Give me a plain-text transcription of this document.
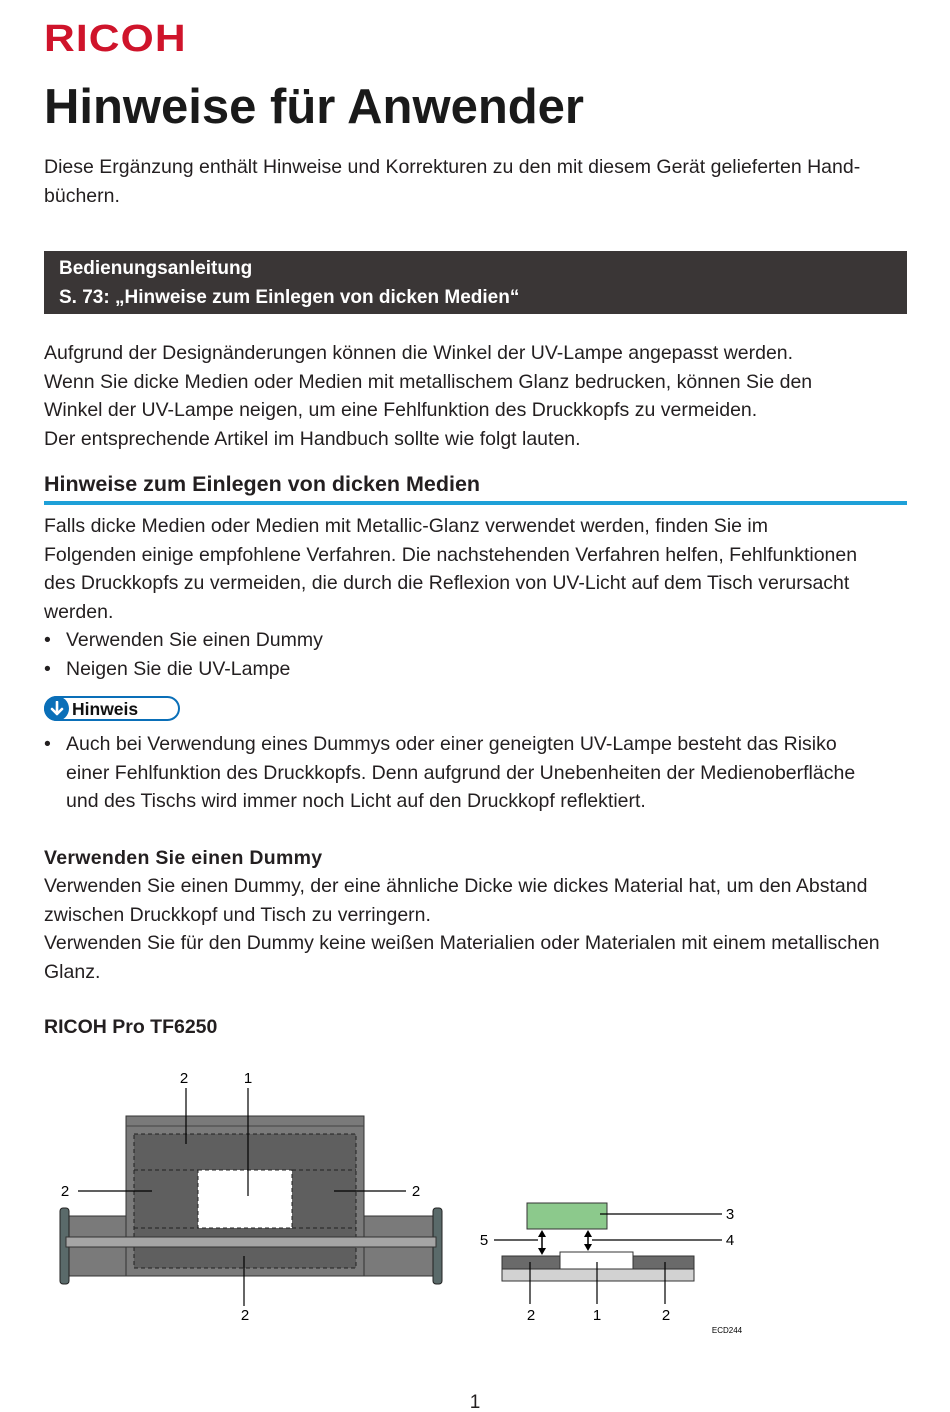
RICOH
Hinweise für Anwender
Diese Ergänzung enthält Hinweise und Korrekturen zu den mit diesem Gerät gelieferten Hand-
büchern.
Bedienungsanleitung
S. 73: „Hinweise zum Einlegen von dicken Medien“
Aufgrund der Designänderungen können die Winkel der UV-Lampe angepasst werden.
Wenn Sie dicke Medien oder Medien mit metallischem Glanz bedrucken, können Sie den
Winkel der UV-Lampe neigen, um eine Fehlfunktion des Druckkopfs zu vermeiden.
Der entsprechende Artikel im Handbuch sollte wie folgt lauten.
Hinweise zum Einlegen von dicken Medien
Falls dicke Medien oder Medien mit Metallic-Glanz verwendet werden, finden Sie im
Folgenden einige empfohlene Verfahren. Die nachstehenden Verfahren helfen, Fehlfunktionen
des Druckkopfs zu vermeiden, die durch die Reflexion von UV-Licht auf dem Tisch verursacht
werden.
• Verwenden Sie einen Dummy
• Neigen Sie die UV-Lampe
Hinweis
• Auch bei Verwendung eines Dummys oder einer geneigten UV-Lampe besteht das Risiko
einer Fehlfunktion des Druckkopfs. Denn aufgrund der Unebenheiten der Medienoberfläche
und des Tischs wird immer noch Licht auf den Druckkopf reflektiert.
Verwenden Sie einen Dummy
Verwenden Sie einen Dummy, der eine ähnliche Dicke wie dickes Material hat, um den Abstand
zwischen Druckkopf und Tisch zu verringern.
Verwenden Sie für den Dummy keine weißen Materialien oder Materialen mit einem metallischen
Glanz.
RICOH Pro TF6250
2	1
2	2
2
3
4
5
2	1	2
ECD244
1
